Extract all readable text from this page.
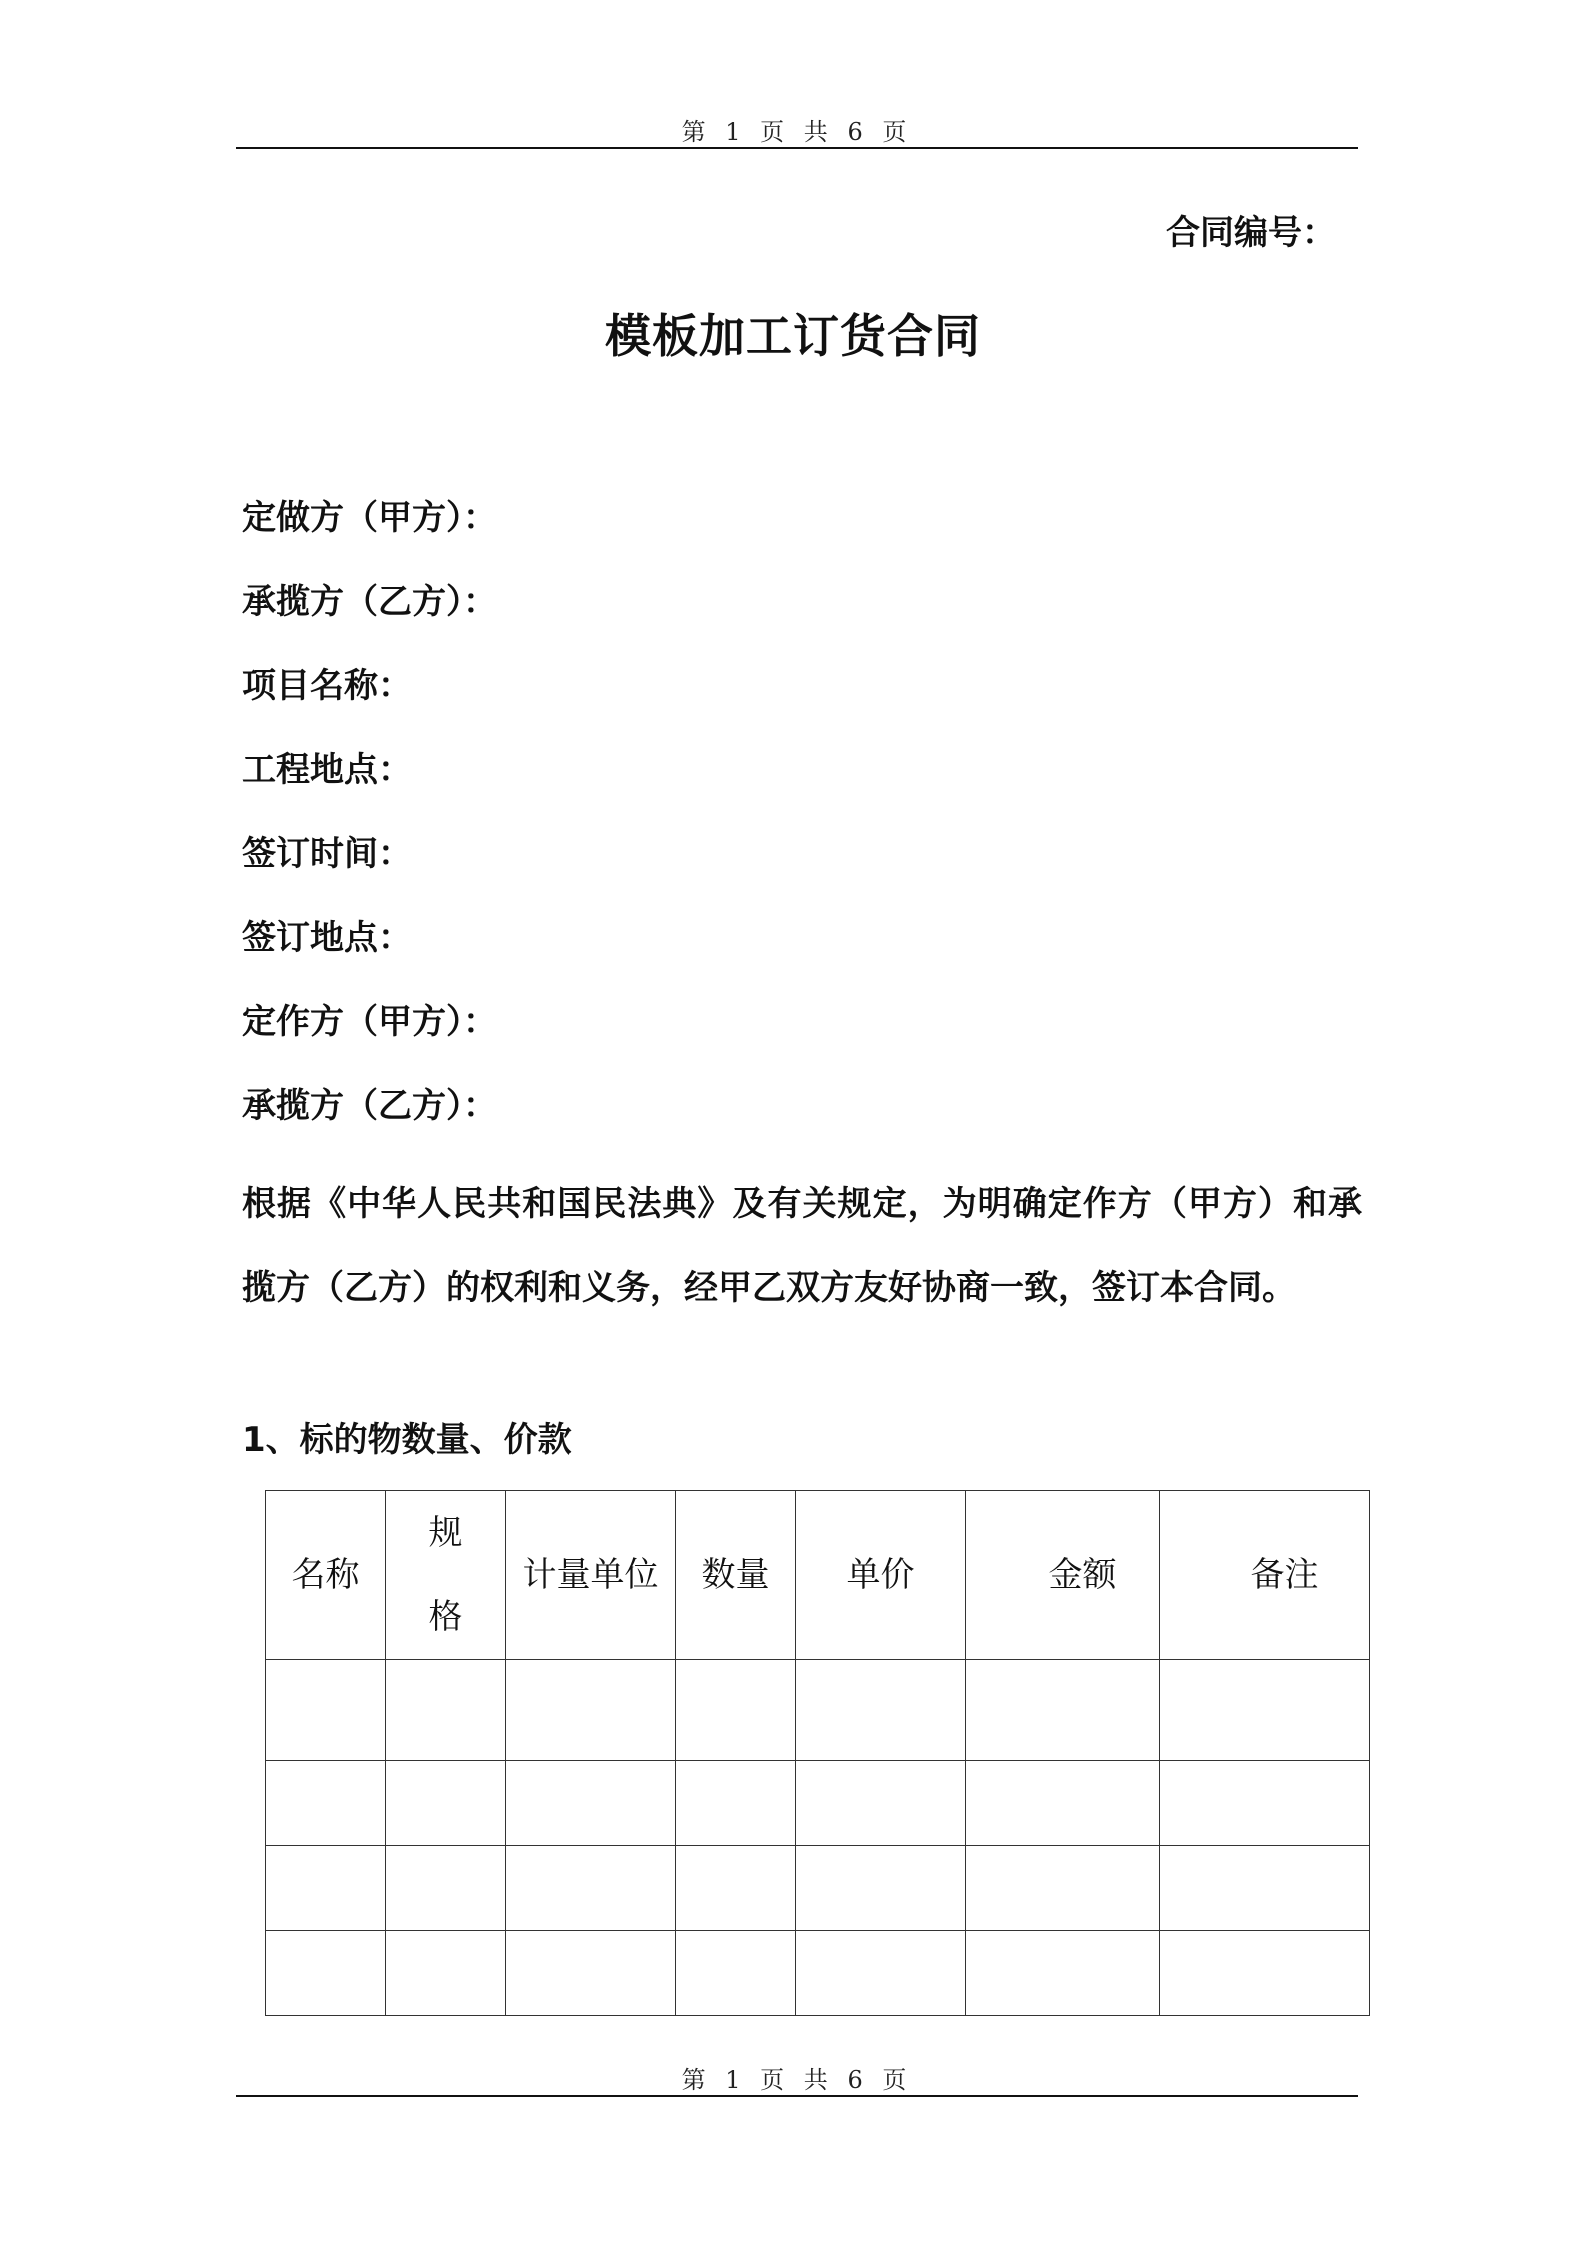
第 1 页 共 6 页
合同编号：
模板加工订货合同
定做方（甲方）：
承揽方（乙方）：
项目名称：
工程地点：
签订时间：
签订地点：
定作方（甲方）：
承揽方（乙方）：
根据《中华人民共和国民法典》及有关规定，为明确定作方（甲方）和承揽方（乙方）的权利和义务，经甲乙双方友好协商一致，签订本合同。
1、标的物数量、价款
名称	规格	计量单位	数量	单价	金额	备注

第 1 页 共 6 页
